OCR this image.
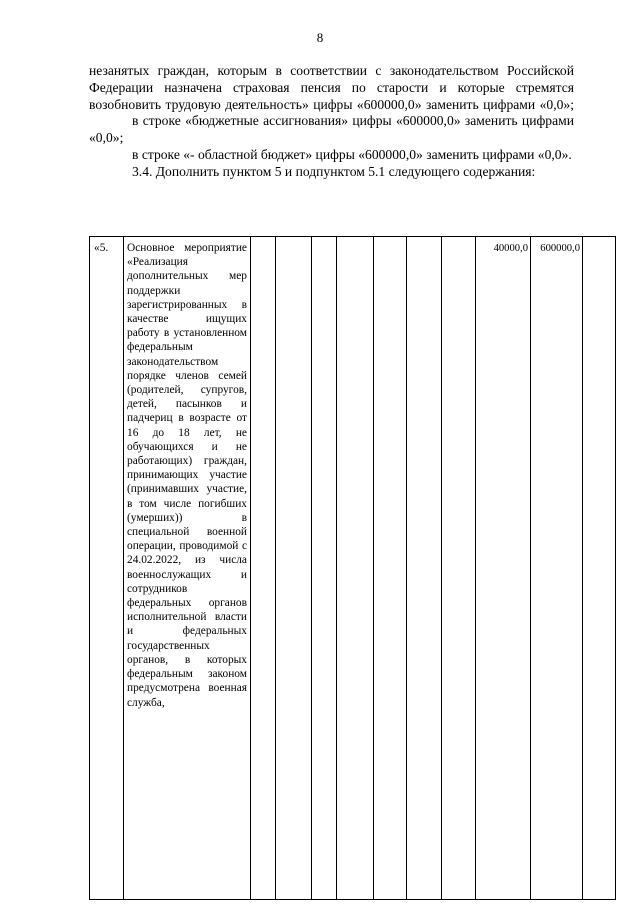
8

незанятых граждан, которым в соответствии с законодательством Российской Федерации назначена страховая пенсия по старости и которые стремятся возобновить трудовую деятельность» цифры «600000,0» заменить цифрами «0,0»;

в строке «бюджетные ассигнования» цифры «600000,0» заменить цифрами «0,0»;

в строке «- областной бюджет» цифры «600000,0» заменить цифрами «0,0».

3.4. Дополнить пунктом 5 и подпунктом 5.1 следующего содержания:

«5.	Основное мероприятие «Реализация дополнительных мер поддержки зарегистрированных в качестве ищущих работу в установленном федеральным законодательством порядке членов семей (родителей, супругов, детей, пасынков и падчериц в возрасте от 16 до 18 лет, не обучающихся и не работающих) граждан, принимающих участие (принимавших участие, в том числе погибших (умерших)) в специальной военной операции, проводимой с 24.02.2022, из числа военнослужащих и сотрудников федеральных органов исполнительной власти и федеральных государственных органов, в которых федеральным законом предусмотрена военная служба,								40000,0	600000,0	
